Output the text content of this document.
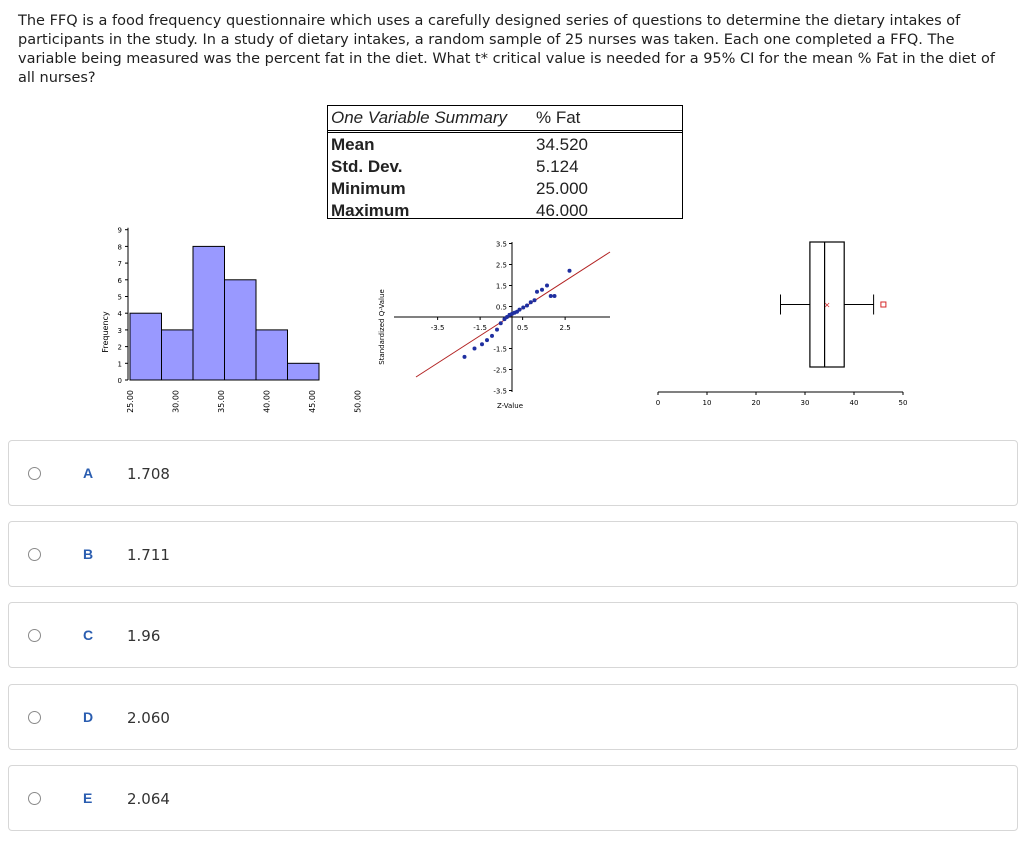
The FFQ is a food frequency questionnaire which uses a carefully designed series of questions to determine the dietary intakes of participants in the study. In a study of dietary intakes, a random sample of 25 nurses was taken. Each one completed a FFQ. The variable being measured was the percent fat in the diet. What t* critical value is needed for a 95% CI for the mean % Fat in the diet of all nurses?
One Variable Summary % Fat
Mean	34.520
Std. Dev.	5.124
Minimum	25.000
Maximum	46.000
Frequency
0
1
2
3
4
5
6
7
8
9
25.00	30.00	35.00	40.00	45.00	50.00
Standardized Q-Value
Z-Value
-3.5	-1.5	0.5	2.5
3.5
2.5
1.5
0.5
-1.5
-2.5
-3.5
0	10	20	30	40	50
×
A 1.708
B 1.711
C 1.96
D 2.060
E 2.064
